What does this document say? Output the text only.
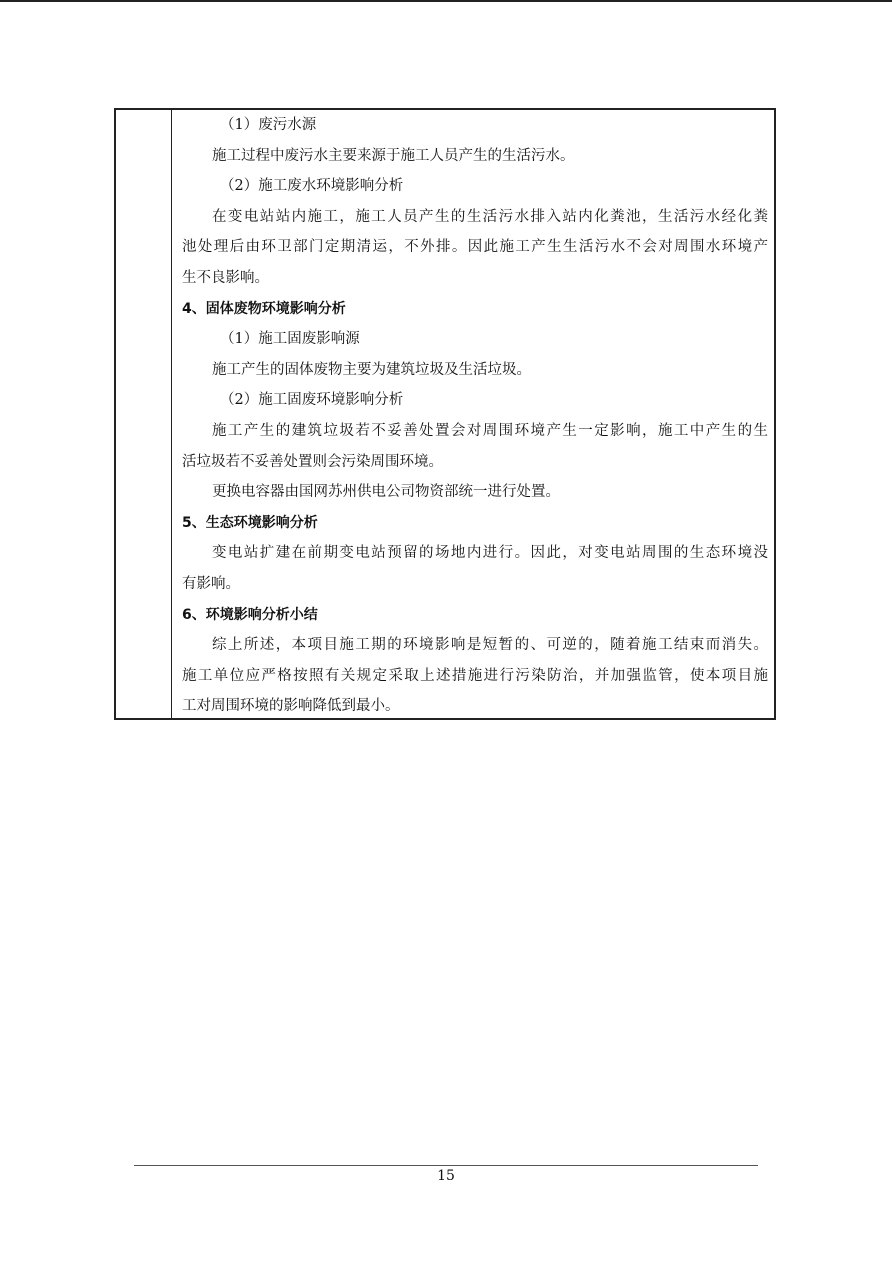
（1）废污水源
施工过程中废污水主要来源于施工人员产生的生活污水。
（2）施工废水环境影响分析
在变电站站内施工，施工人员产生的生活污水排入站内化粪池，生活污水经化粪
池处理后由环卫部门定期清运，不外排。因此施工产生生活污水不会对周围水环境产
生不良影响。
4、固体废物环境影响分析
（1）施工固废影响源
施工产生的固体废物主要为建筑垃圾及生活垃圾。
（2）施工固废环境影响分析
施工产生的建筑垃圾若不妥善处置会对周围环境产生一定影响，施工中产生的生
活垃圾若不妥善处置则会污染周围环境。
更换电容器由国网苏州供电公司物资部统一进行处置。
5、生态环境影响分析
变电站扩建在前期变电站预留的场地内进行。因此，对变电站周围的生态环境没
有影响。
6、环境影响分析小结
综上所述，本项目施工期的环境影响是短暂的、可逆的，随着施工结束而消失。
施工单位应严格按照有关规定采取上述措施进行污染防治，并加强监管，使本项目施
工对周围环境的影响降低到最小。
15
